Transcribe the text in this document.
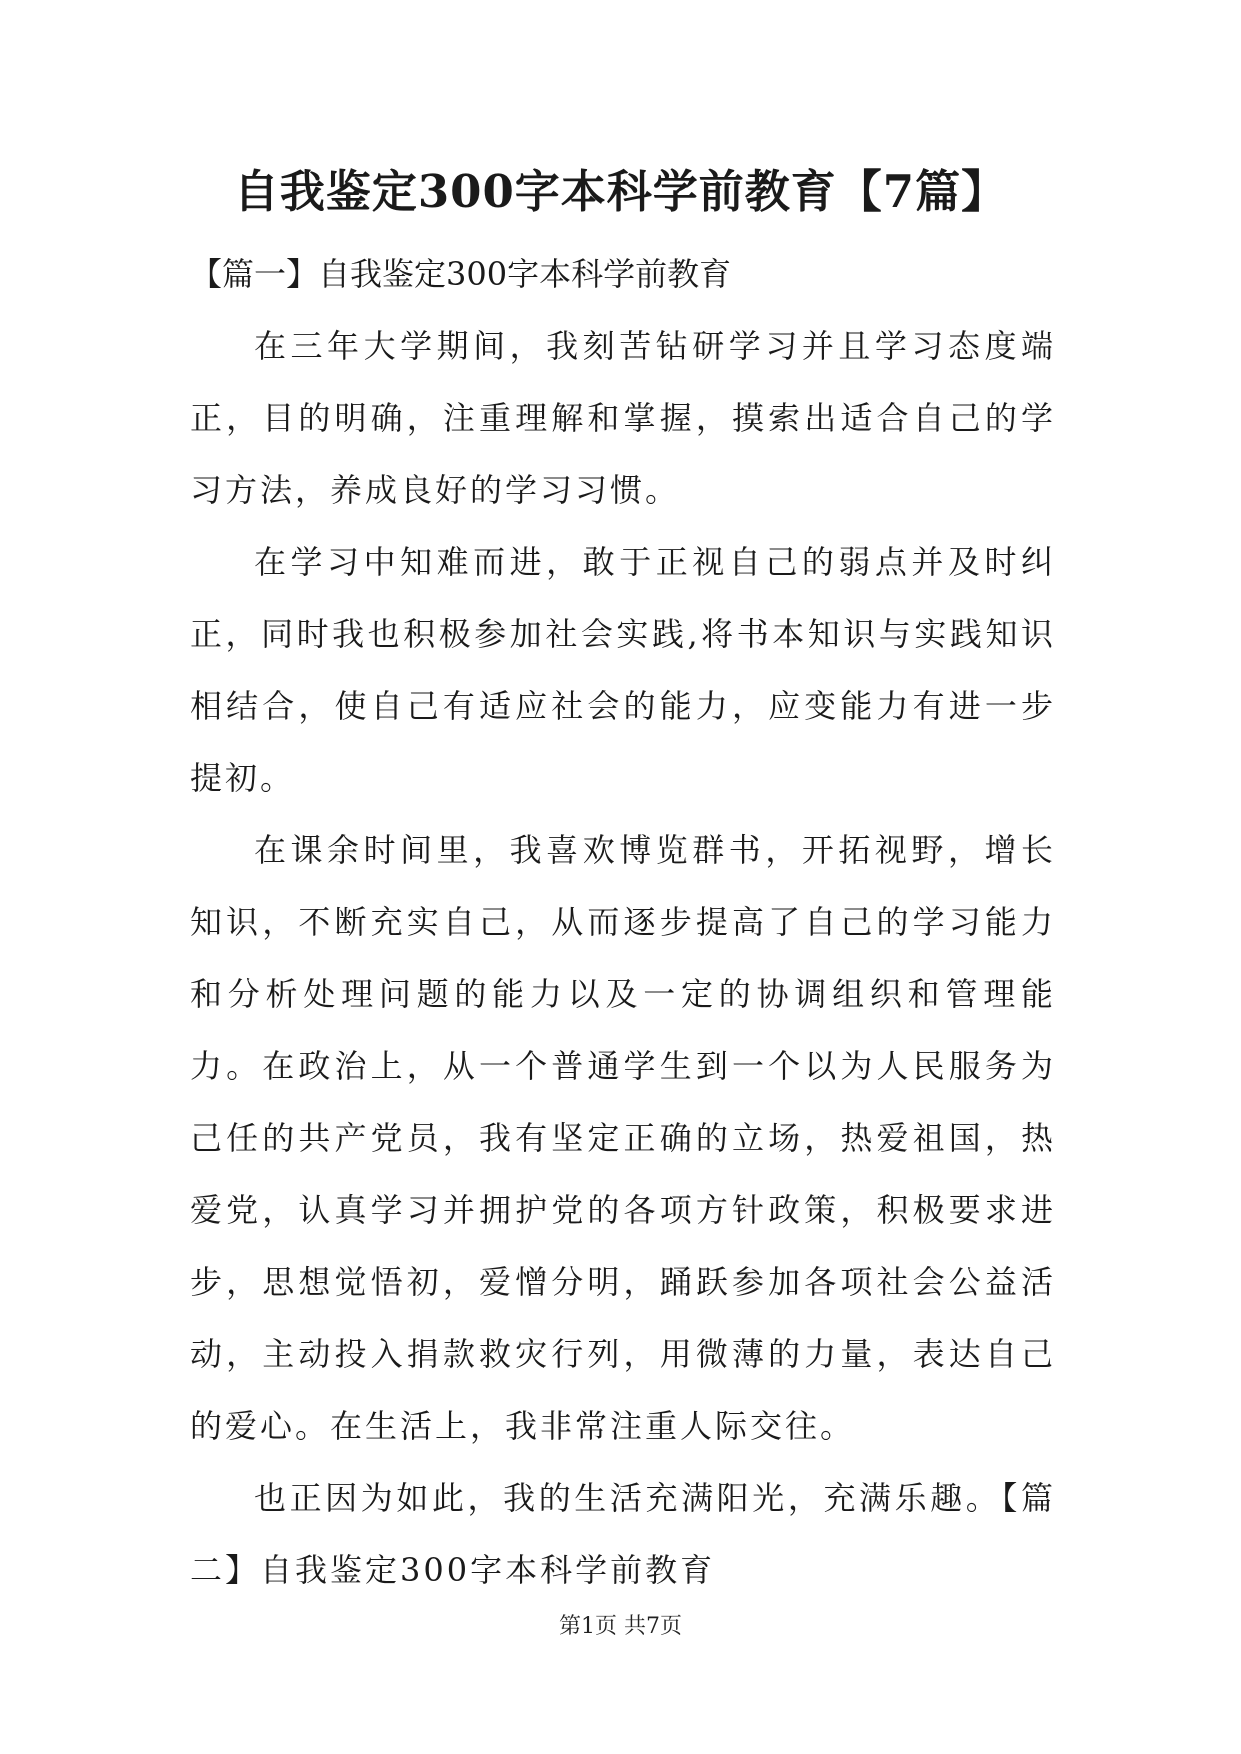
自我鉴定300字本科学前教育【7篇】

【篇一】自我鉴定300字本科学前教育

在三年大学期间，我刻苦钻研学习并且学习态度端正，目的明确，注重理解和掌握，摸索出适合自己的学习方法，养成良好的学习习惯。

在学习中知难而进，敢于正视自己的弱点并及时纠正，同时我也积极参加社会实践,将书本知识与实践知识相结合，使自己有适应社会的能力，应变能力有进一步提初。

在课余时间里，我喜欢博览群书，开拓视野，增长知识，不断充实自己，从而逐步提高了自己的学习能力和分析处理问题的能力以及一定的协调组织和管理能力。在政治上，从一个普通学生到一个以为人民服务为己任的共产党员，我有坚定正确的立场，热爱祖国，热爱党，认真学习并拥护党的各项方针政策，积极要求进步，思想觉悟初，爱憎分明，踊跃参加各项社会公益活动，主动投入捐款救灾行列，用微薄的力量，表达自己的爱心。在生活上，我非常注重人际交往。

也正因为如此，我的生活充满阳光，充满乐趣。【篇二】自我鉴定300字本科学前教育

第1页 共7页
